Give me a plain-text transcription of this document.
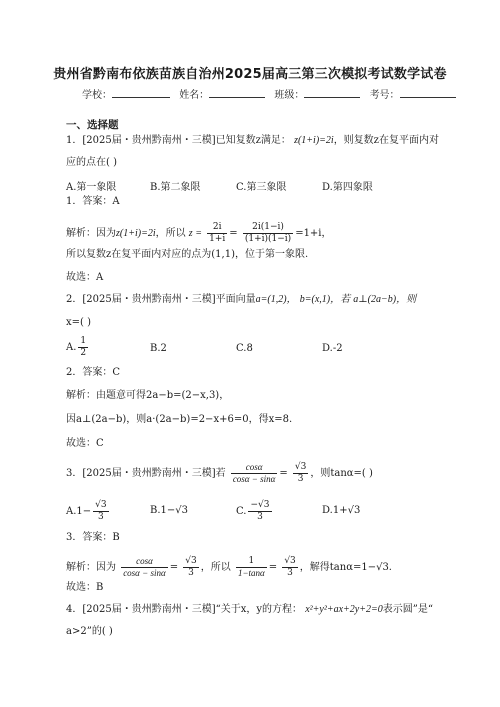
贵州省黔南布依族苗族自治州2025届高三第三次模拟考试数学试卷
学校：	姓名：	班级：	考号：
一、选择题
1．[2025届・贵州黔南州・三模]已知复数z满足： z(1+i)=2i，则复数z在复平面内对
应的点在( )
A.第一象限	B.第二象限	C.第三象限	D.第四象限
1．答案：A
解析：因为z(1+i)=2i，所以 $z = \frac{2i}{1+i} = \frac{2i(1-i)}{(1+i)(1-i)} =1+i$，
所以复数z在复平面内对应的点为(1,1)，位于第一象限.
故选：A
2．[2025届・贵州黔南州・三模]平面向量a=(1,2)， b=(x,1)，若 a⊥(2a−b)，则
x=( )
A. $\frac{1}{2}$	B.2	C.8	D.-2
2．答案：C
解析：由题意可得2a−b=(2−x,3)，
因a⊥(2a−b)，则a·(2a−b)=2−x+6=0，得x=8.
故选：C
3．[2025届・贵州黔南州・三模]若 $\frac{\cos\alpha}{\cos\alpha - \sin\alpha} = \frac{√3}{3}$ ，则tanα=( )
$A.1- \frac{√3}{3}$	B.1−√3	C. $\frac{-√3}{3}$	D.1+√3
3．答案：B
解析：因为 $\frac{\cos\alpha}{\cos\alpha - \sin\alpha} = \frac{√3}{3}$ ，所以 $\frac{1}{1-\tan\alpha} = \frac{√3}{3}$ ，解得tanα=1−√3.
故选：B
4．[2025届・贵州黔南州・三模]“关于x，y的方程： x²+y²+ax+2y+2=0表示圆”是“
a>2”的( )
